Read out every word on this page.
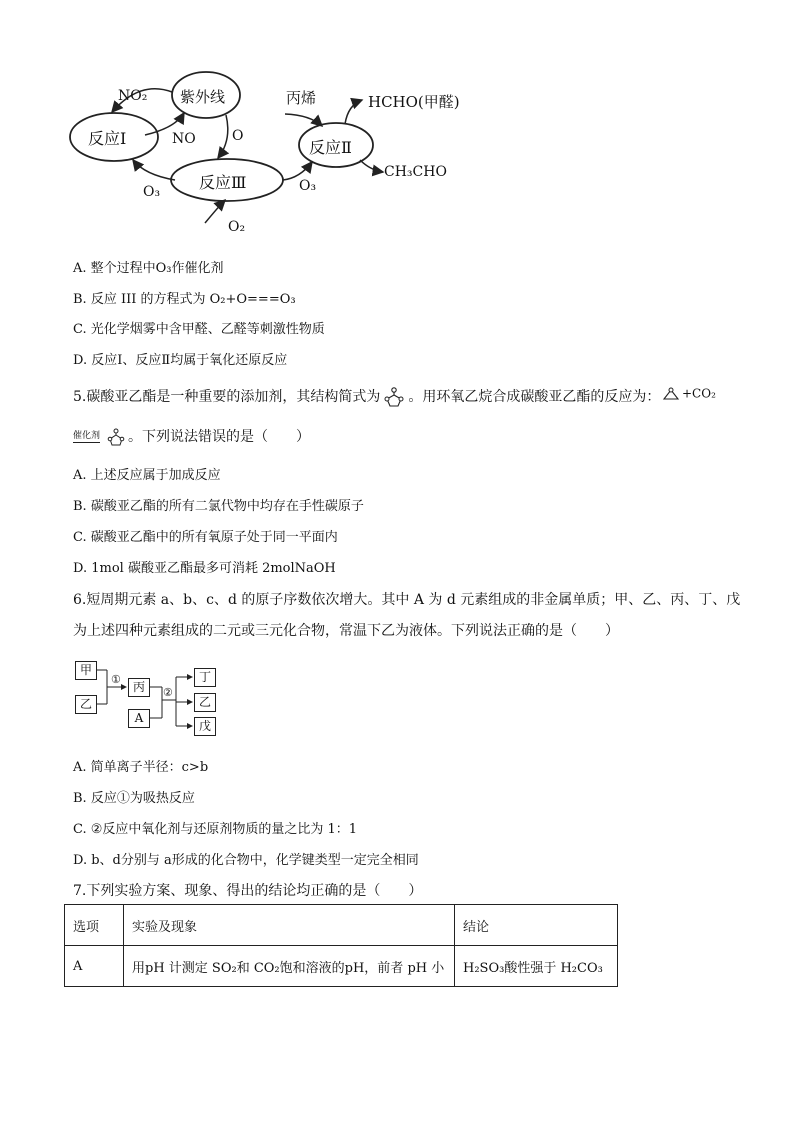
紫外线
反应Ⅰ
反应Ⅲ
反应Ⅱ
NO₂
NO	O
O₃	O₃
O₂
丙烯	HCHO(甲醛)
CH₃CHO
A. 整个过程中O₃作催化剂
B. 反应 III 的方程式为 O₂+O===O₃
C. 光化学烟雾中含甲醛、乙醛等刺激性物质
D. 反应Ⅰ、反应Ⅱ均属于氧化还原反应
5.碳酸亚乙酯是一种重要的添加剂，其结构简式为 。用环氧乙烷合成碳酸亚乙酯的反应为：	+CO₂
催化剂 。下列说法错误的是（　　）
A. 上述反应属于加成反应
B. 碳酸亚乙酯的所有二氯代物中均存在手性碳原子
C. 碳酸亚乙酯中的所有氧原子处于同一平面内
D. 1mol 碳酸亚乙酯最多可消耗 2molNaOH
6.短周期元素 a、b、c、d 的原子序数依次增大。其中 A 为 d 元素组成的非金属单质；甲、乙、丙、丁、戊
为上述四种元素组成的二元或三元化合物，常温下乙为液体。下列说法正确的是（　　）
甲
乙
丙
A
丁
乙
戊
①
②
A. 简单离子半径：c>b
B. 反应①为吸热反应
C. ②反应中氧化剂与还原剂物质的量之比为 1：1
D. b、d分别与 a形成的化合物中，化学键类型一定完全相同
7.下列实验方案、现象、得出的结论均正确的是（　　）
选项	实验及现象	结论
A	用pH 计测定 SO₂和 CO₂饱和溶液的pH，前者 pH 小	H₂SO₃酸性强于 H₂CO₃
